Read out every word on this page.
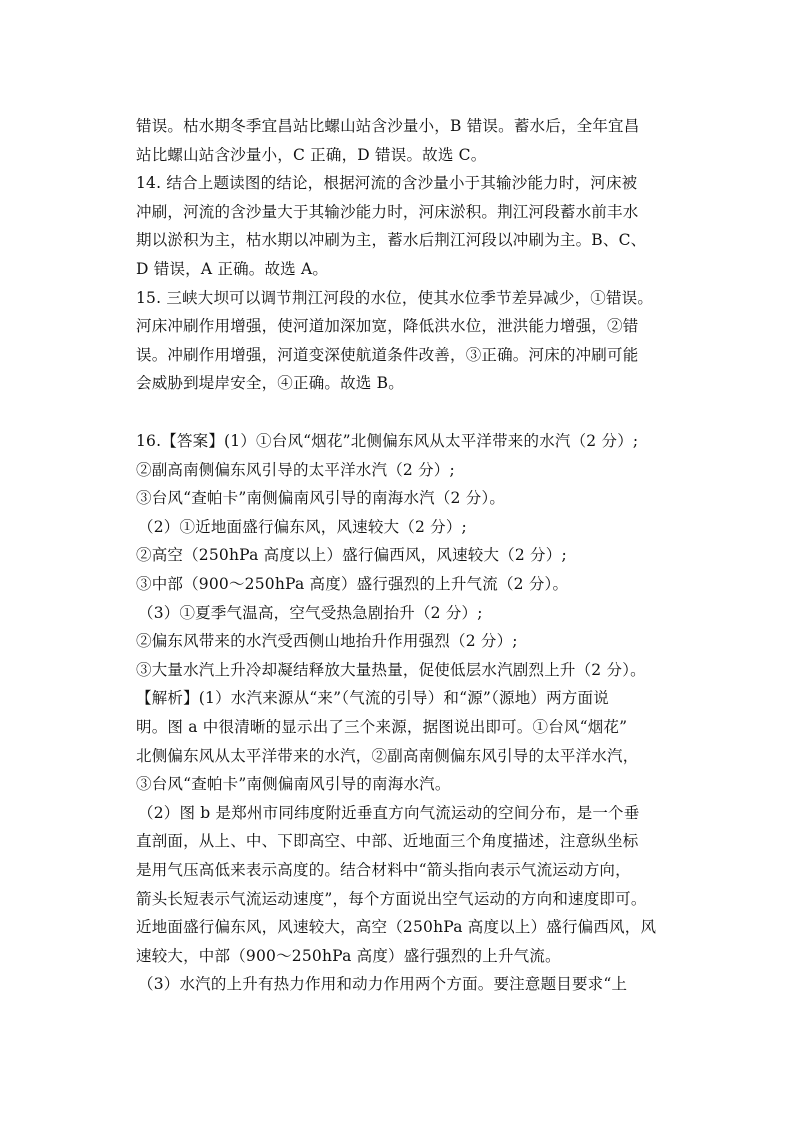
错误。枯水期冬季宜昌站比螺山站含沙量小，B 错误。蓄水后，全年宜昌
站比螺山站含沙量小，C 正确，D 错误。故选 C。
14. 结合上题读图的结论，根据河流的含沙量小于其输沙能力时，河床被
冲刷，河流的含沙量大于其输沙能力时，河床淤积。荆江河段蓄水前丰水
期以淤积为主，枯水期以冲刷为主，蓄水后荆江河段以冲刷为主。B、C、
D 错误，A 正确。故选 A。
15. 三峡大坝可以调节荆江河段的水位，使其水位季节差异减少，①错误。
河床冲刷作用增强，使河道加深加宽，降低洪水位，泄洪能力增强，②错
误。冲刷作用增强，河道变深使航道条件改善，③正确。河床的冲刷可能
会威胁到堤岸安全，④正确。故选 B。
16.【答案】(1）①台风“烟花”北侧偏东风从太平洋带来的水汽（2 分）;
②副高南侧偏东风引导的太平洋水汽（2 分）;
③台风“查帕卡”南侧偏南风引导的南海水汽（2 分）。
（2）①近地面盛行偏东风，风速较大（2 分）;
②高空（250hPa 高度以上）盛行偏西风，风速较大（2 分）;
③中部（900～250hPa 高度）盛行强烈的上升气流（2 分）。
（3）①夏季气温高，空气受热急剧抬升（2 分）;
②偏东风带来的水汽受西侧山地抬升作用强烈（2 分）;
③大量水汽上升冷却凝结释放大量热量，促使低层水汽剧烈上升（2 分）。
【解析】(1）水汽来源从“来”（气流的引导）和“源”（源地）两方面说
明。图 a 中很清晰的显示出了三个来源，据图说出即可。①台风“烟花”
北侧偏东风从太平洋带来的水汽，②副高南侧偏东风引导的太平洋水汽，
③台风“查帕卡”南侧偏南风引导的南海水汽。
（2）图 b 是郑州市同纬度附近垂直方向气流运动的空间分布，是一个垂
直剖面，从上、中、下即高空、中部、近地面三个角度描述，注意纵坐标
是用气压高低来表示高度的。结合材料中“箭头指向表示气流运动方向，
箭头长短表示气流运动速度”，每个方面说出空气运动的方向和速度即可。
近地面盛行偏东风，风速较大，高空（250hPa 高度以上）盛行偏西风，风
速较大，中部（900～250hPa 高度）盛行强烈的上升气流。
（3）水汽的上升有热力作用和动力作用两个方面。要注意题目要求“上
